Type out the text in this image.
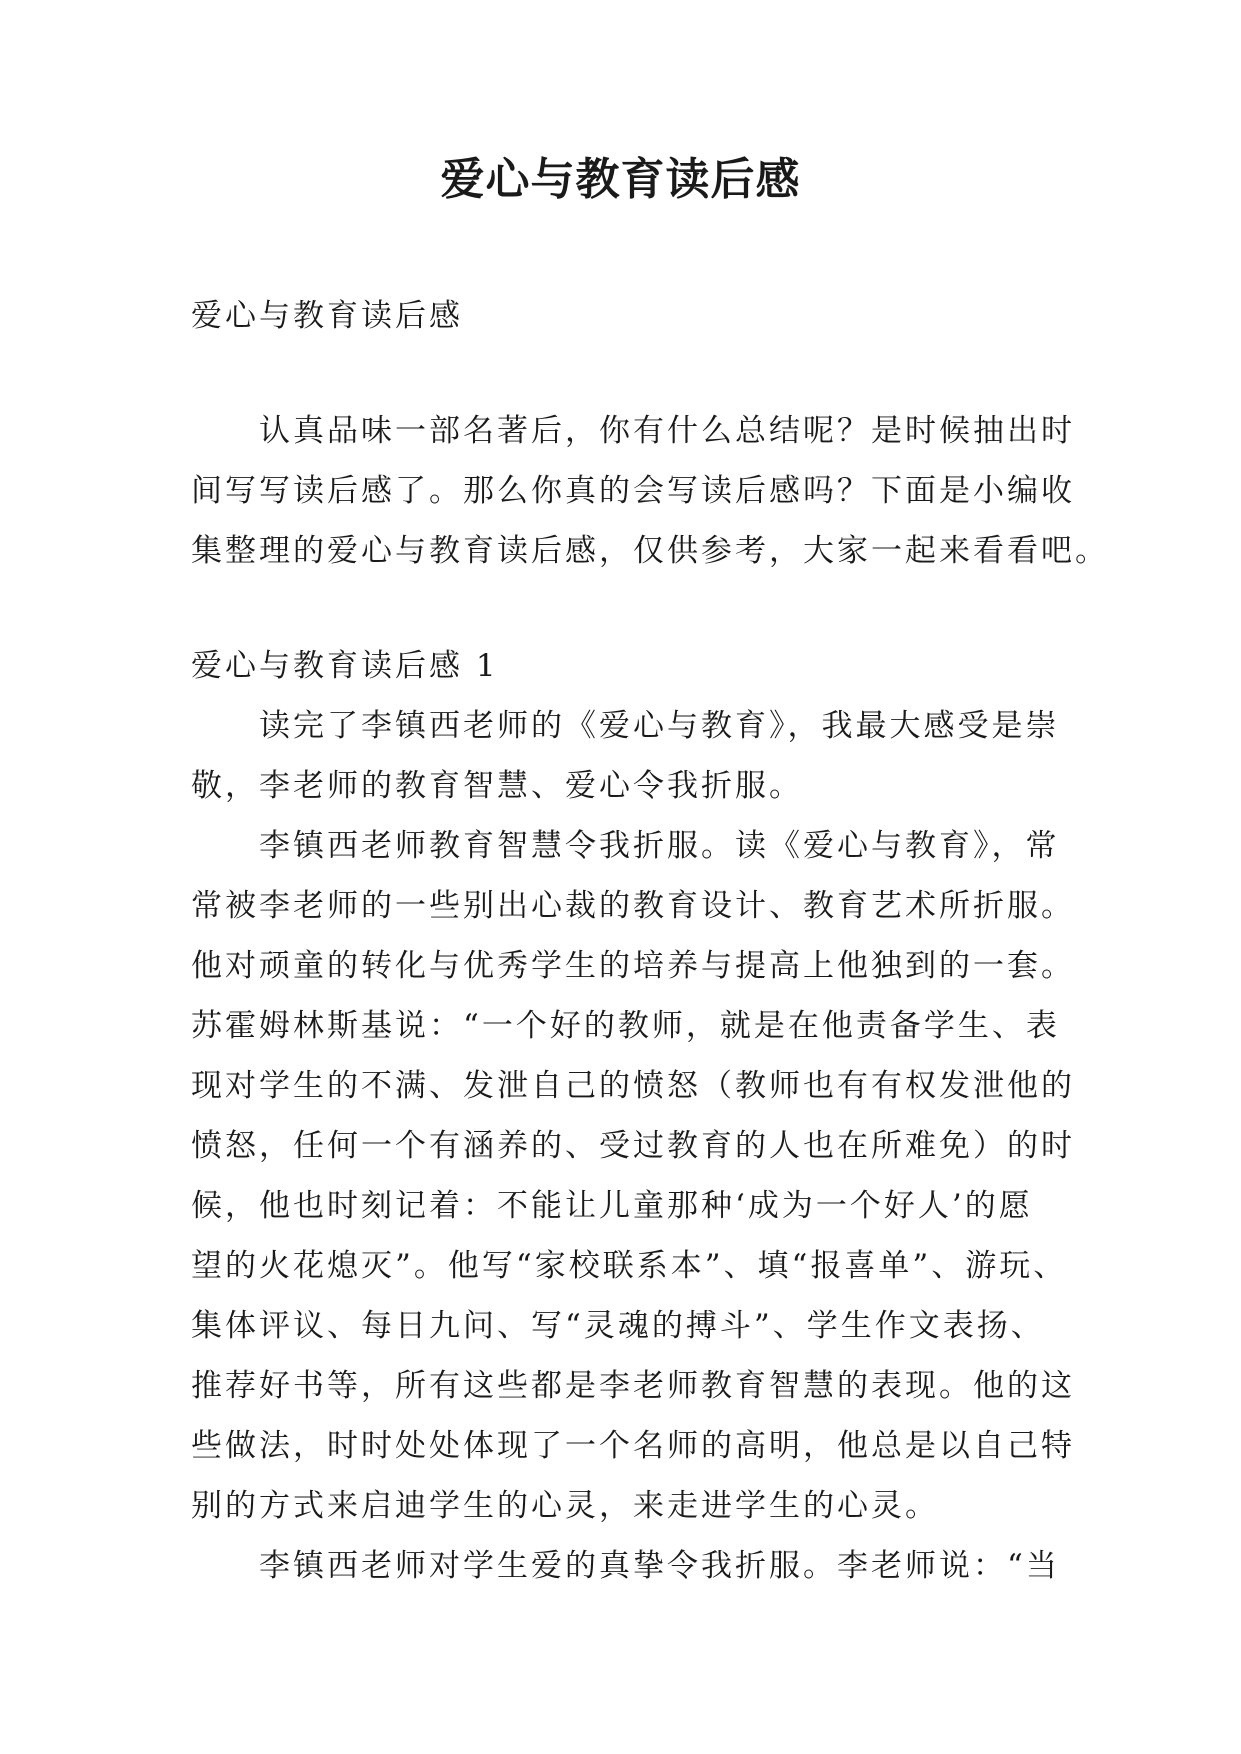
爱心与教育读后感

爱心与教育读后感

认真品味一部名著后，你有什么总结呢？是时候抽出时
间写写读后感了。那么你真的会写读后感吗？下面是小编收
集整理的爱心与教育读后感，仅供参考，大家一起来看看吧。

爱心与教育读后感 1

读完了李镇西老师的《爱心与教育》，我最大感受是崇
敬，李老师的教育智慧、爱心令我折服。
李镇西老师教育智慧令我折服。读《爱心与教育》，常
常被李老师的一些别出心裁的教育设计、教育艺术所折服。
他对顽童的转化与优秀学生的培养与提高上他独到的一套。
苏霍姆林斯基说：“一个好的教师，就是在他责备学生、表
现对学生的不满、发泄自己的愤怒（教师也有有权发泄他的
愤怒，任何一个有涵养的、受过教育的人也在所难免）的时
候，他也时刻记着：不能让儿童那种‘成为一个好人’的愿
望的火花熄灭”。他写“家校联系本”、填“报喜单”、游玩、
集体评议、每日九问、写“灵魂的搏斗”、学生作文表扬、
推荐好书等，所有这些都是李老师教育智慧的表现。他的这
些做法，时时处处体现了一个名师的高明，他总是以自己特
别的方式来启迪学生的心灵，来走进学生的心灵。
李镇西老师对学生爱的真挚令我折服。李老师说：“当
